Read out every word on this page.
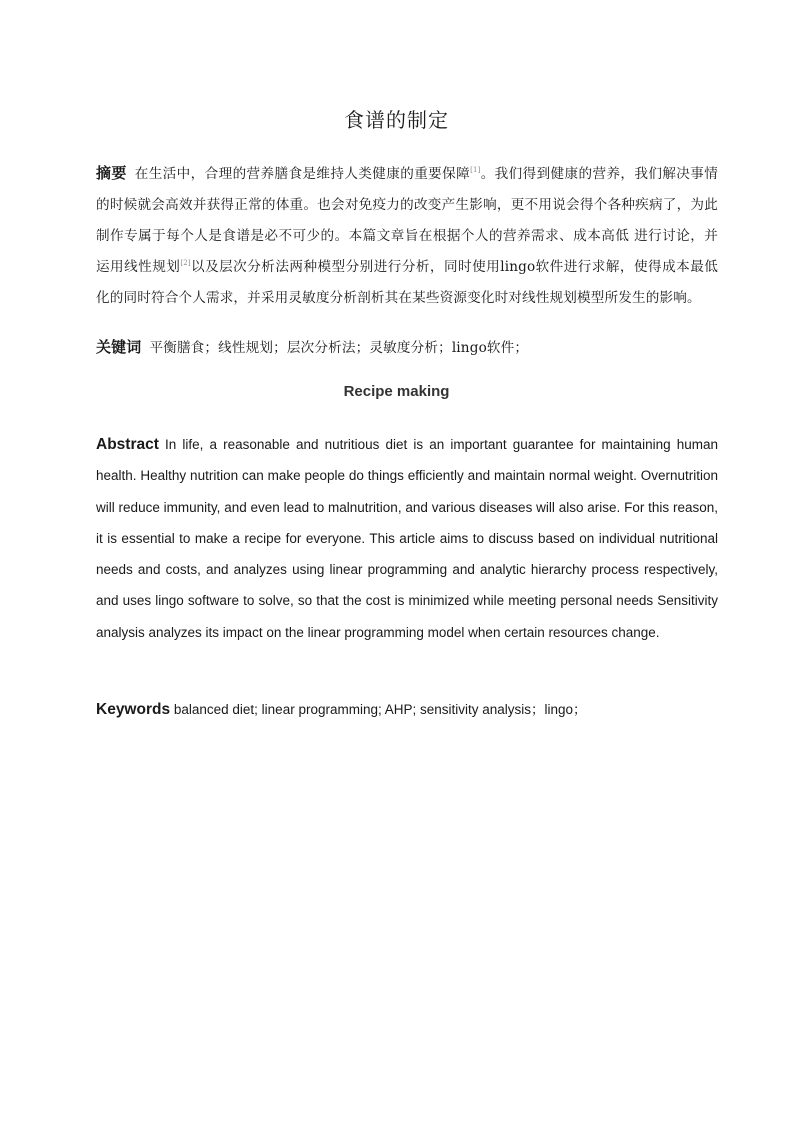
食谱的制定
摘要 在生活中，合理的营养膳食是维持人类健康的重要保障[1]。我们得到健康的营养，我们解决事情的时候就会高效并获得正常的体重。也会对免疫力的改变产生影响，更不用说会得个各种疾病了，为此制作专属于每个人是食谱是必不可少的。本篇文章旨在根据个人的营养需求、成本高低 进行讨论，并运用线性规划[2]以及层次分析法两种模型分别进行分析，同时使用lingo软件进行求解，使得成本最低化的同时符合个人需求，并采用灵敏度分析剖析其在某些资源变化时对线性规划模型所发生的影响。
关键词 平衡膳食；线性规划；层次分析法；灵敏度分析；lingo软件；
Recipe making
Abstract In life, a reasonable and nutritious diet is an important guarantee for maintaining human health. Healthy nutrition can make people do things efficiently and maintain normal weight. Overnutrition will reduce immunity, and even lead to malnutrition, and various diseases will also arise. For this reason, it is essential to make a recipe for everyone. This article aims to discuss based on individual nutritional needs and costs, and analyzes using linear programming and analytic hierarchy process respectively, and uses lingo software to solve, so that the cost is minimized while meeting personal needs Sensitivity analysis analyzes its impact on the linear programming model when certain resources change.
Keywords balanced diet; linear programming; AHP; sensitivity analysis；lingo；
